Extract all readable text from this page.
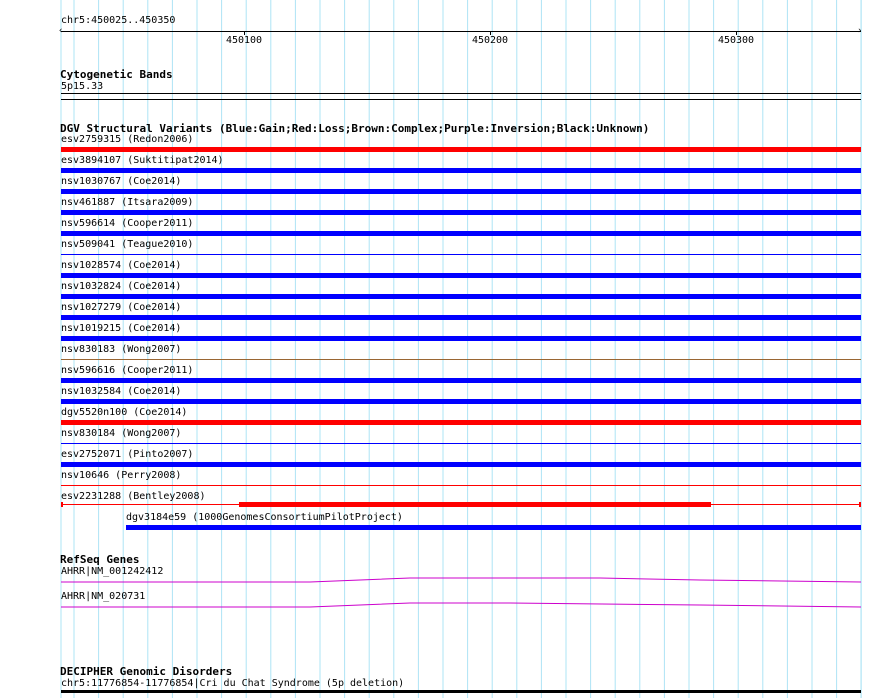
chr5:450025..450350
‹	›
450100	450200	450300
Cytogenetic Bands
5p15.33
DGV Structural Variants (Blue:Gain;Red:Loss;Brown:Complex;Purple:Inversion;Black:Unknown)
esv2759315 (Redon2006)
esv3894107 (Suktitipat2014)
nsv1030767 (Coe2014)
nsv461887 (Itsara2009)
nsv596614 (Cooper2011)
nsv509041 (Teague2010)
nsv1028574 (Coe2014)
nsv1032824 (Coe2014)
nsv1027279 (Coe2014)
nsv1019215 (Coe2014)
nsv830183 (Wong2007)
nsv596616 (Cooper2011)
nsv1032584 (Coe2014)
dgv5520n100 (Coe2014)
nsv830184 (Wong2007)
esv2752071 (Pinto2007)
nsv10646 (Perry2008)
esv2231288 (Bentley2008)
dgv3184e59 (1000GenomesConsortiumPilotProject)
RefSeq Genes
AHRR|NM_001242412
AHRR|NM_020731
DECIPHER Genomic Disorders
chr5:11776854-11776854|Cri du Chat Syndrome (5p deletion)
